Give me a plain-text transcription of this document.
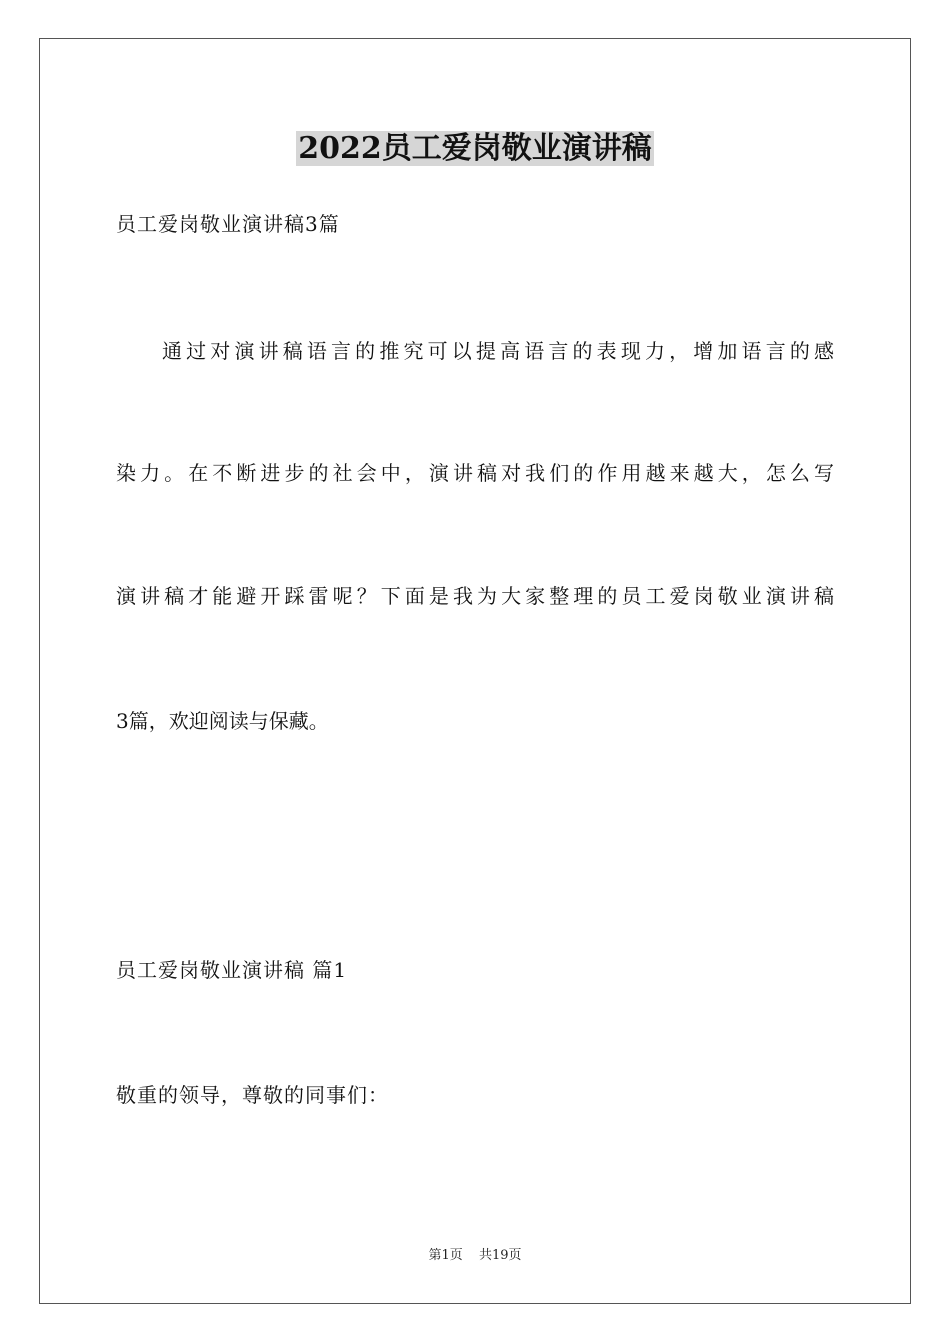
2022员工爱岗敬业演讲稿
员工爱岗敬业演讲稿3篇
通过对演讲稿语言的推究可以提高语言的表现力，增加语言的感
染力。在不断进步的社会中，演讲稿对我们的作用越来越大，怎么写
演讲稿才能避开踩雷呢？下面是我为大家整理的员工爱岗敬业演讲稿
3篇，欢迎阅读与保藏。
员工爱岗敬业演讲稿 篇1
敬重的领导，尊敬的同事们：
第1页 共19页
